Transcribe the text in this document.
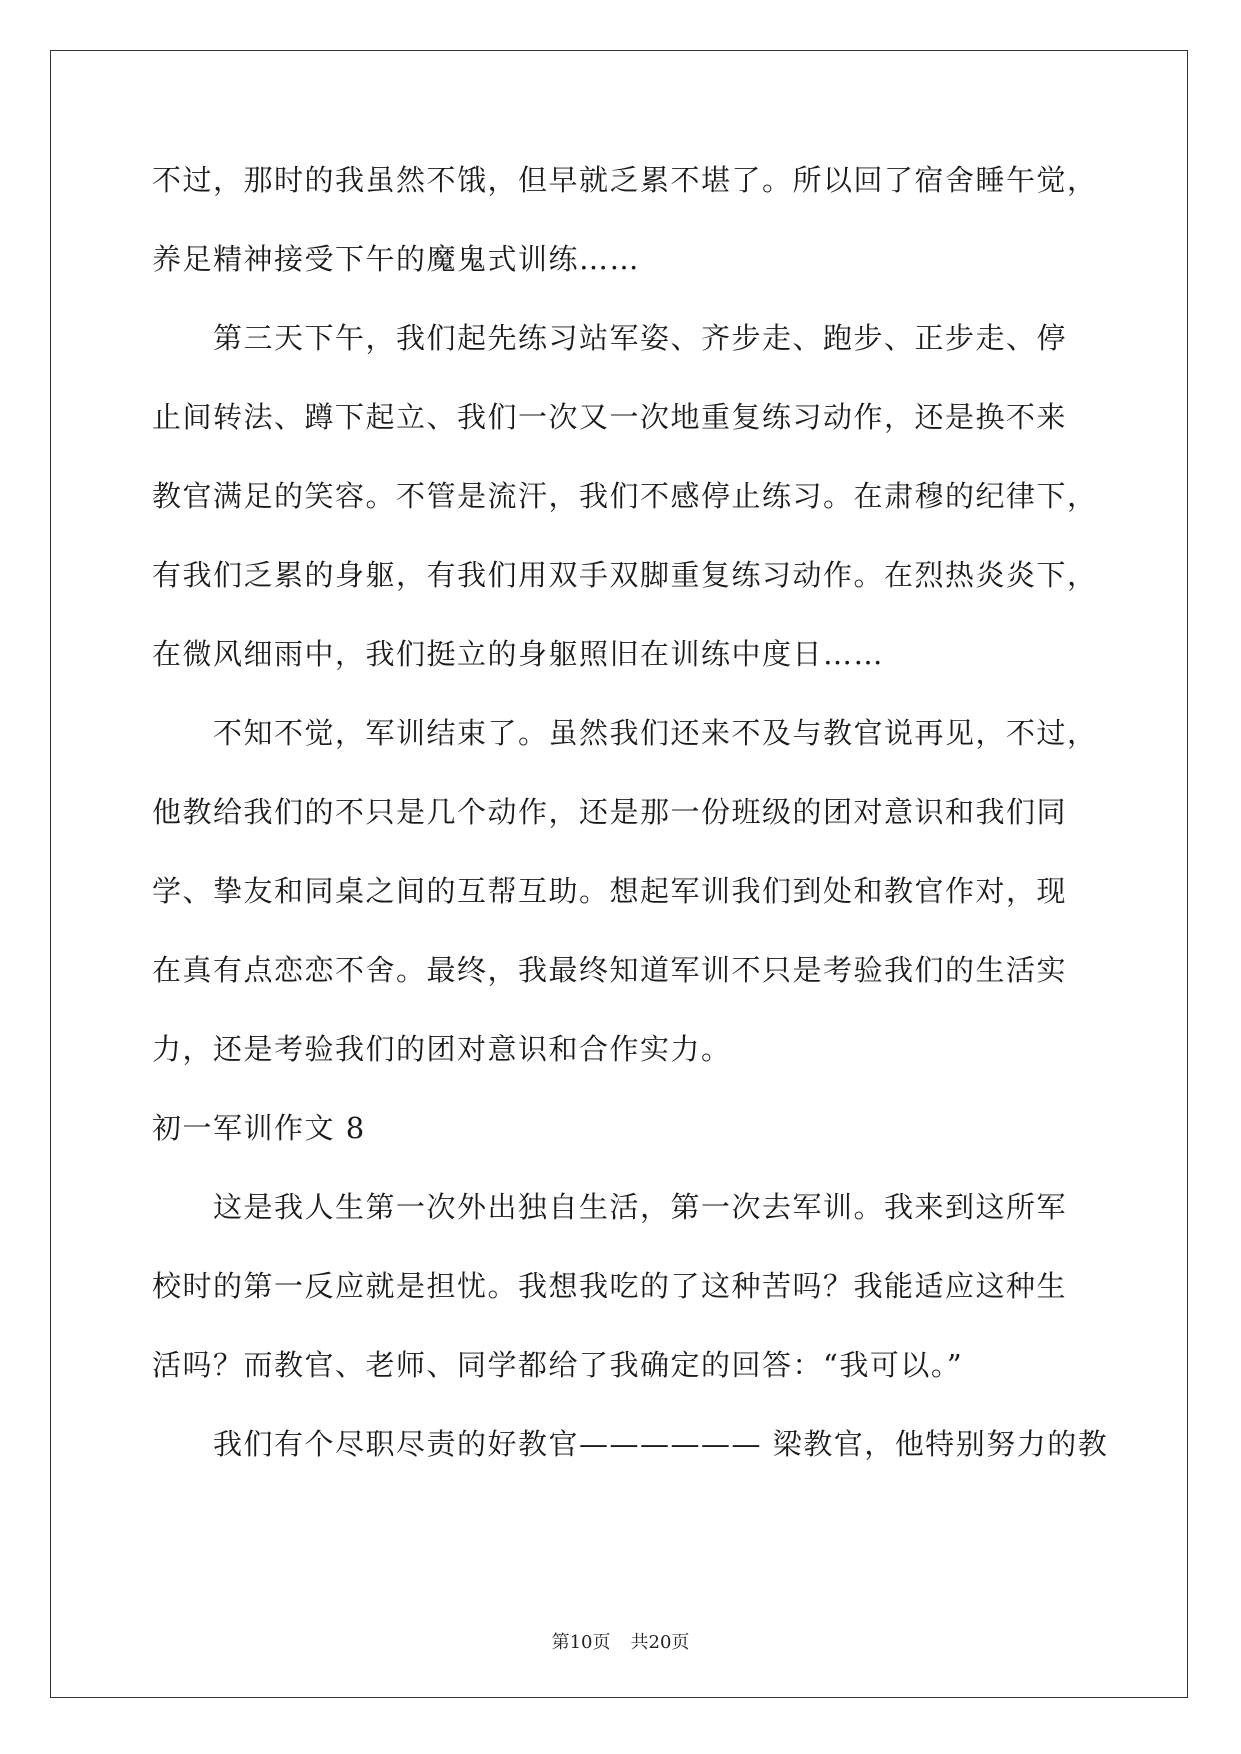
不过，那时的我虽然不饿，但早就乏累不堪了。所以回了宿舍睡午觉，
养足精神接受下午的魔鬼式训练……
第三天下午，我们起先练习站军姿、齐步走、跑步、正步走、停
止间转法、蹲下起立、我们一次又一次地重复练习动作，还是换不来
教官满足的笑容。不管是流汗，我们不感停止练习。在肃穆的纪律下，
有我们乏累的身躯，有我们用双手双脚重复练习动作。在烈热炎炎下，
在微风细雨中，我们挺立的身躯照旧在训练中度日……
不知不觉，军训结束了。虽然我们还来不及与教官说再见，不过，
他教给我们的不只是几个动作，还是那一份班级的团对意识和我们同
学、挚友和同桌之间的互帮互助。想起军训我们到处和教官作对，现
在真有点恋恋不舍。最终，我最终知道军训不只是考验我们的生活实
力，还是考验我们的团对意识和合作实力。
初一军训作文 8
这是我人生第一次外出独自生活，第一次去军训。我来到这所军
校时的第一反应就是担忧。我想我吃的了这种苦吗？我能适应这种生
活吗？而教官、老师、同学都给了我确定的回答：“我可以。”
我们有个尽职尽责的好教官—————— 梁教官，他特别努力的教
第10页 共20页
